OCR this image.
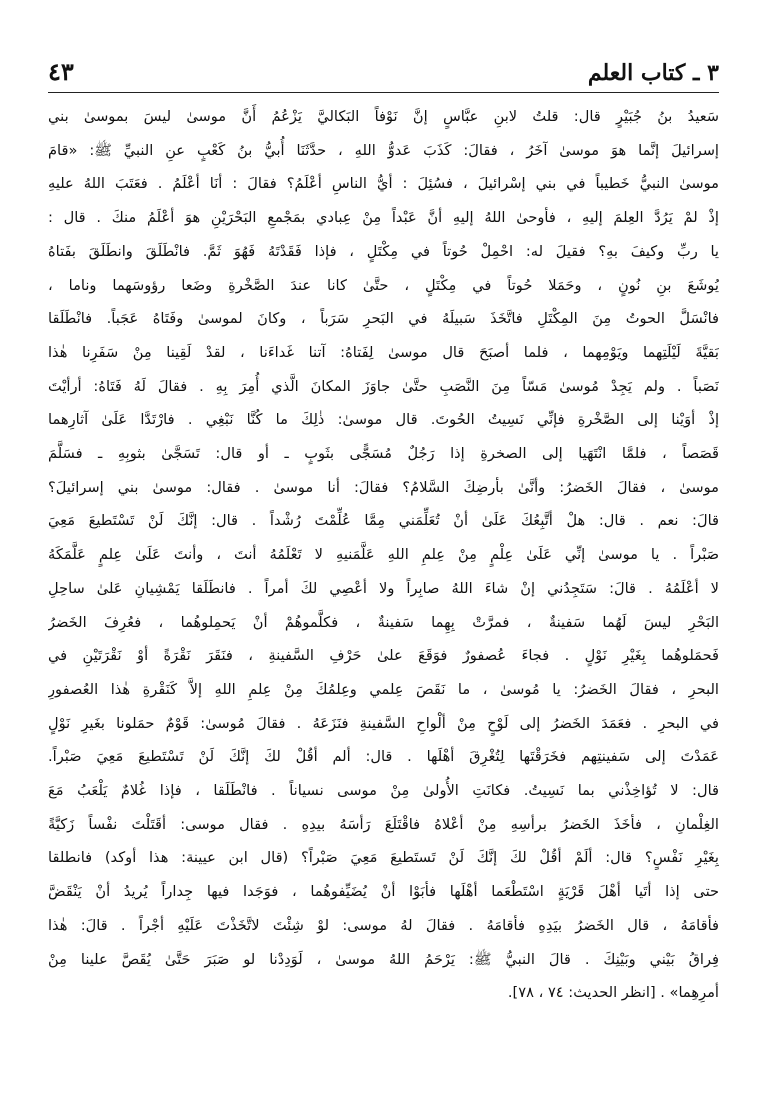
٤٣	٣ ـ كتاب العلم

سَعيدُ بنُ جُبَيْرٍ قال: قلتُ لابنِ عبَّاسٍ إنَّ نَوْفاً البَكاليَّ يَزْعُمُ أَنَّ موسىٰ ليسَ بموسىٰ بني
إسرائيلَ إنَّما هوَ موسىٰ آخَرُ ، فقالَ: كَذَبَ عَدوُّ اللهِ ، حدَّثَنَا أُبيُّ بنُ كَعْبٍ عنِ النبيِّ ﷺ: «قامَ
موسىٰ النبيُّ خَطيباً في بني إسْرائيلَ ، فسُئِلَ : أيُّ الناسِ أعْلَمُ؟ فقالَ : أنَا أعْلَمُ . فعَتَبَ اللهُ عليهِ
إذْ لمْ يَرُدَّ العِلمَ إليهِ ، فأوحىٰ اللهُ إليهِ أنَّ عَبْداً مِنْ عِبادي بمَجْمعِ البَحْرَيْنِ هوَ أعْلَمُ منكَ . قال :
يا ربِّ وكيفَ بهِ؟ فقيلَ له: احْمِلْ حُوتاً في مِكْتَلٍ ، فإذا فَقَدْتَهُ فَهُوَ ثَمَّ. فانْطَلَقَ وانطَلَقَ بفَتاهُ
يُوشَعَ بنِ نُونٍ ، وحَمَلا حُوتاً في مِكْتَلٍ ، حتَّىٰ كانا عندَ الصَّخْرةِ وضَعا رؤوسَهما وناما ،
فانْسَلَّ الحوتُ مِنَ المِكْتَلِ فاتَّخَذَ سَبيلَهُ في البَحرِ سَرَباً ، وكانَ لموسىٰ وفَتَاهُ عَجَباً. فانْطَلَقا
بَقيَّةَ لَيْلَتِهما ويَوْمِهما ، فلما أصبَحَ قال موسىٰ لِفَتاهُ: آتنا غَداءَنا ، لقدْ لَقِينا مِنْ سَفَرِنا هٰذا
نَصَباً . ولم يَجِدْ مُوسىٰ مَسّاً مِنَ النَّصَبِ حتَّىٰ جاوَزَ المكانَ الَّذي أُمِرَ بِهِ . فقالَ لَهُ فَتَاهُ: أرأيْتَ
إذْ أوَيْنا إلى الصَّخْرةِ فإنِّي نَسِيتُ الحُوتَ. قال موسىٰ: ذٰلِكَ ما كُنَّا نَبْغِي . فارْتَدَّا عَلَىٰ آثارِهما
قَصَصاً ، فلمَّا انْتَهَيا إلى الصخرةِ إذا رَجُلٌ مُسَجًّى بثَوبٍ ـ أو قال: تَسَجَّىٰ بثوبِهِ ـ فسَلَّمَ
موسىٰ ، فقالَ الخَضرُ: وأنَّىٰ بأرضِكَ السَّلامُ؟ فقالَ: أنا موسىٰ . فقال: موسىٰ بني إسرائيلَ؟
قالَ: نعم . قال: هلْ أتَّبِعُكَ عَلَىٰ أنْ تُعَلِّمَني مِمَّا عُلِّمْتَ رُشْداً . قال: إنَّكَ لَنْ تَسْتَطيعَ مَعِيَ
صَبْراً . يا موسىٰ إنِّي عَلَىٰ عِلْمٍ مِنْ عِلمِ اللهِ عَلَّمَنيهِ لا تَعْلَمُهُ أنتَ ، وأنتَ عَلَىٰ عِلمٍ عَلَّمَكَهُ
لا أعْلَمُهُ . قالَ: سَتَجِدُني إنْ شاءَ اللهُ صابِراً ولا أعْصِي لكَ أمراً . فانطَلَقا يَمْشِيانِ عَلىٰ ساحِلِ
البَحْرِ ليسَ لَهُما سَفينةٌ ، فمرَّتْ بِهِما سَفينةٌ ، فكلَّموهُمْ أنْ يَحمِلوهُما ، فعُرِفَ الخَضرُ
فَحمَلوهُما بِغَيْرِ نَوْلٍ . فجاءَ عُصفورٌ فوَقَعَ علىٰ حَرْفِ السَّفينةِ ، فنَقَرَ نَقْرَةً أوْ نَقْرَتَيْنِ في
البحرِ ، فقالَ الخَضرُ: يا مُوسىٰ ، ما نَقَصَ عِلمي وعِلمُكَ مِنْ عِلمِ اللهِ إلاَّ كَنَقْرةِ هٰذا العُصفورِ
في البحرِ . فعَمَدَ الخَضرُ إلى لَوْحٍ مِنْ ألْواحِ السَّفينةِ فنَزَعَهُ . فقالَ مُوسىٰ: قَوْمٌ حمَلونا بغَيرِ نَوْلٍ
عَمَدْتَ إلى سَفينتِهم فخَرَقْتَها لِتُغْرِقَ أهْلَها . قال: ألم أقُلْ لكَ إنَّكَ لَنْ تَسْتَطيعَ مَعِيَ صَبْراً.
قال: لا تُؤاخِذْني بما نَسِيتُ. فكانَتِ الأُولىٰ مِنْ موسى نسياناً . فانْطَلَقا ، فإذا غُلامٌ يَلْعَبُ مَعَ
الغِلْمانِ ، فأخَذَ الخَضرُ برأسِهِ مِنْ أعْلاهُ فاقْتَلَعَ رَأسَهُ بيدِهِ . فقال موسى: أقَتَلْتَ نفْساً زَكيَّةً
بِغَيْرِ نَفْسٍ؟ قال: ألَمْ أقُلْ لكَ إنَّكَ لَنْ تَستَطيعَ مَعِيَ صَبْراً؟ (قال ابن عيينة: هذا أوكد) فانطلقا
حتى إذا أتَيا أهْلَ قَرْيَةٍ اسْتَطْعَما أهْلَها فأبَوْا أنْ يُضَيِّفوهُما ، فوَجَدا فيها جِداراً يُريدُ أنْ يَنْقَضَّ
فأقامَهُ ، قال الخَضرُ بيَدِهِ فأقامَهُ . فقالَ لهُ موسى: لوْ شِئْتَ لاتَّخَذْتَ عَلَيْهِ أجْراً . قالَ: هٰذا
فِراقُ بَيْني وبَيْنِكَ . قالَ النبيُّ ﷺ: يَرْحَمُ اللهُ موسىٰ ، لَوَدِدْنا لو صَبَرَ حَتَّىٰ يُقَصَّ علينا مِنْ
أمرِهِما» . [انظر الحديث: ٧٤ ، ٧٨].
